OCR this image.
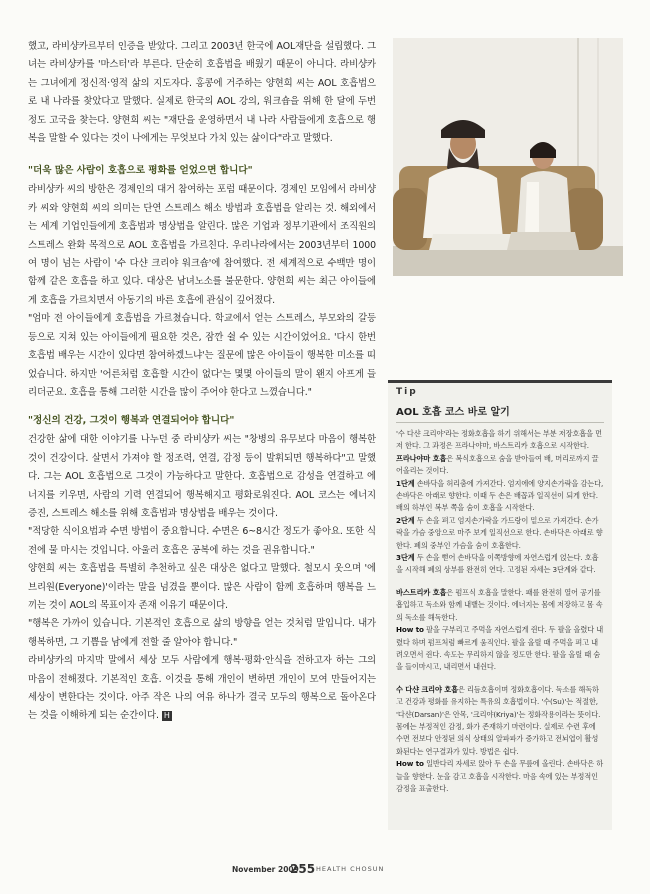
했고, 라비샹카르부터 인증을 받았다. 그리고 2003년 한국에 AOL재단을 설립했다. 그녀는 라비샹카를 '마스터'라 부른다. 단순히 호흡법을 배웠기 때문이 아니다. 라비샹카는 그녀에게 정신적·영적 삶의 지도자다. 홍콩에 거주하는 양현희 씨는 AOL 호흡법으로 내 나라를 찾았다고 말했다. 실제로 한국의 AOL 강의, 워크숍을 위해 한 달에 두번 정도 고국을 찾는다. 양현희 씨는 "재단을 운영하면서 내 나라 사람들에게 호흡으로 행복을 말할 수 있다는 것이 나에게는 무엇보다 가치 있는 삶이다"라고 말했다.

"더욱 많은 사람이 호흡으로 평화를 얻었으면 합니다"

라비샹카 씨의 방한은 경제인의 대거 참여하는 포럼 때문이다. 경제인 모임에서 라비샹카 씨와 양현희 씨의 의미는 단연 스트레스 해소 방법과 호흡법을 알리는 것. 해외에서는 세계 기업인들에게 호흡법과 명상법을 알린다. 많은 기업과 정부기관에서 조직원의 스트레스 완화 목적으로 AOL 호흡법을 가르친다. 우리나라에서는 2003년부터 1000여 명이 넘는 사람이 '수 다샨 크리야 워크숍'에 참여했다. 전 세계적으로 수백만 명이 함께 같은 호흡을 하고 있다. 대상은 남녀노소를 불문한다. 양현희 씨는 최근 아이들에게 호흡을 가르치면서 아동기의 바른 호흡에 관심이 깊어졌다.

"엄마 전 아이들에게 호흡법을 가르쳤습니다. 학교에서 얻는 스트레스, 부모와의 갈등 등으로 지쳐 있는 아이들에게 필요한 것은, 잠깐 쉴 수 있는 시간이었어요. '다시 한번 호흡법 배우는 시간이 있다면 참여하겠느냐'는 질문에 많은 아이들이 행복한 미소를 띠었습니다. 하지만 '어른처럼 호흡할 시간이 없다'는 몇몇 아이들의 말이 왠지 아프게 들리더군요. 호흡을 통해 그러한 시간을 많이 주어야 한다고 느꼈습니다."

"정신의 건강, 그것이 행복과 연결되어야 합니다"

건강한 삶에 대한 이야기를 나누던 중 라비샹카 씨는 "창병의 유무보다 마음이 행복한 것이 건강이다. 살면서 가져야 할 정조력, 연결, 감정 등이 발휘되면 행복하다"고 말했다. 그는 AOL 호흡법으로 그것이 가능하다고 말한다. 호흡법으로 감성을 연결하고 에너지를 키우면, 사람의 기력 연결되어 행복해지고 평화로워진다. AOL 코스는 에너지 증진, 스트레스 해소를 위해 호흡법과 명상법을 배우는 것이다.

"적당한 식이요법과 수면 방법이 중요합니다. 수면은 6~8시간 정도가 좋아요. 또한 식전에 물 마시는 것입니다. 아울러 호흡은 공복에 하는 것을 권유합니다."

양현희 씨는 호흡법을 특별히 추천하고 싶은 대상은 없다고 말했다. 철모시 웃으며 '에브리원(Everyone)'이라는 말을 넘겼을 뿐이다. 많은 사람이 함께 호흡하며 행복을 느끼는 것이 AOL의 목표이자 존재 이유기 때문이다.

"행복은 가까이 있습니다. 기본적인 호흡으로 삶의 방향을 얻는 것처럼 말입니다. 내가 행복하면, 그 기쁨을 남에게 전할 줄 알아야 합니다."

라비샹카의 마지막 말에서 세상 모두 사람에게 행복·평화·안식을 전하고자 하는 그의 마음이 전해졌다. 기본적인 호흡. 이것을 통해 개인이 변하면 개인이 모여 만들어지는 세상이 변한다는 것이다. 아주 작은 나의 여유 하나가 결국 모두의 행복으로 돌아온다는 것을 이해하게 되는 순간이다. H

Tip
AOL 호흡 코스 바로 알기

'수 다샨 크리야'라는 정화호흡을 하기 위해서는 부분 저장호흡을 먼저 한다. 그 과정은 프라나야마, 바스트리카 호흡으로 시작한다.

프라나야마 호흡은 복식호흡으로 숨을 받아들여 배, 머리로까지 끌어올리는 것이다.

1단계 손바닥을 허리춤에 가져간다. 엄지에에 양지손가락을 감는다, 손바닥은 아래로 향한다. 이때 두 손은 배꼽과 일직선이 되게 한다. 배의 하부인 복부 쪽을 숨이 호흡을 시작한다.

2단계 두 손을 펴고 엄지손가락을 가드랑이 밑으로 가져간다. 손가락을 가슴 중앙으로 마주 보게 일직선으로 한다. 손바닥은 아래로 향한다. 폐의 중부인 가슴을 숨이 호흡한다.

3단계 두 손을 뻗어 손바닥을 이쪽방향에 자연스럽게 얹는다. 호흡을 시작해 폐의 상부를 완전히 연다. 고정된 자세는 3단계와 같다.

바스트리카 호흡은 펌프식 호흡을 말한다. 패를 완전히 열어 공기를 흡입하고 독소와 함께 내뱉는 것이다. 에너지는 몸에 저장하고 몸 속의 독소를 해독한다.

How to 팔을 구부리고 주먹을 자연스럽게 쥔다. 두 팔을 올렸다 내렸다 하며 펌프처럼 빠르게 움직인다. 팔을 올릴 때 주먹을 펴고 내려오면서 쥔다. 속도는 무리하지 않을 정도만 한다. 팔을 올릴 때 숨을 들이마시고, 내리면서 내쉰다.

수 다샨 크리야 호흡은 리듬호흡이며 정화호흡이다. 독소를 해독하고 건강과 평화를 유지하는 특유의 호흡법이다. '수(Su)'는 적절한, '다샨(Darsan)'은 안목, '크리야(Kriya)'는 정화작용이라는 뜻이다. 몸에는 부정적인 감정, 화가 존재하기 마련이다. 실제로 수련 후에 수면 전보다 안정된 의식 상태의 알파파가 증가하고 전뇌엽이 활성화된다는 연구결과가 있다. 방법은 쉽다.

How to 일반다리 자세로 앉아 두 손을 무릎에 올린다. 손바닥은 하늘을 향한다. 눈을 감고 호흡을 시작한다. 마음 속에 있는 부정적인 감정을 표출한다.

November 2009
255 HEALTH CHOSUN
